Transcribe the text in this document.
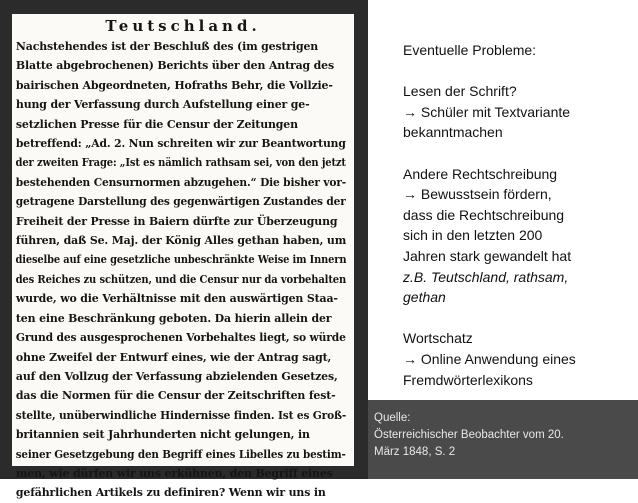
Teutschland.
Nachstehendes ist der Beschluß des (im gestrigen
Blatte abgebrochenen) Berichts über den Antrag des
bairischen Abgeordneten, Hofraths Behr, die Vollzie-
hung der Verfassung durch Aufstellung einer ge-
setzlichen Presse für die Censur der Zeitungen
betreffend: „Ad. 2. Nun schreiten wir zur Beantwortung
der zweiten Frage: „Ist es nämlich rathsam sei, von den jetzt
bestehenden Censurnormen abzugehen.“ Die bisher vor-
getragene Darstellung des gegenwärtigen Zustandes der
Freiheit der Presse in Baiern dürfte zur Überzeugung
führen, daß Se. Maj. der König Alles gethan haben, um
dieselbe auf eine gesetzliche unbeschränkte Weise im Innern
des Reiches zu schützen, und die Censur nur da vorbehalten
wurde, wo die Verhältnisse mit den auswärtigen Staa-
ten eine Beschränkung geboten. Da hierin allein der
Grund des ausgesprochenen Vorbehaltes liegt, so würde
ohne Zweifel der Entwurf eines, wie der Antrag sagt,
auf den Vollzug der Verfassung abzielenden Gesetzes,
das die Normen für die Censur der Zeitschriften fest-
stellte, unüberwindliche Hindernisse finden. Ist es Groß-
britannien seit Jahrhunderten nicht gelungen, in
seiner Gesetzgebung den Begriff eines Libelles zu bestim-
men, wie dürfen wir uns erkühnen, den Begriff eines
gefährlichen Artikels zu definiren? Wenn wir uns in
Eventuelle Probleme:
Lesen der Schrift?
→ Schüler mit Textvariante
bekanntmachen
Andere Rechtschreibung
→ Bewusstsein fördern,
dass die Rechtschreibung
sich in den letzten 200
Jahren stark gewandelt hat
z.B. Teutschland, rathsam,
gethan
Wortschatz
→ Online Anwendung eines
Fremdwörterlexikons
Quelle:
Österreichischer Beobachter vom 20.
März 1848, S. 2
